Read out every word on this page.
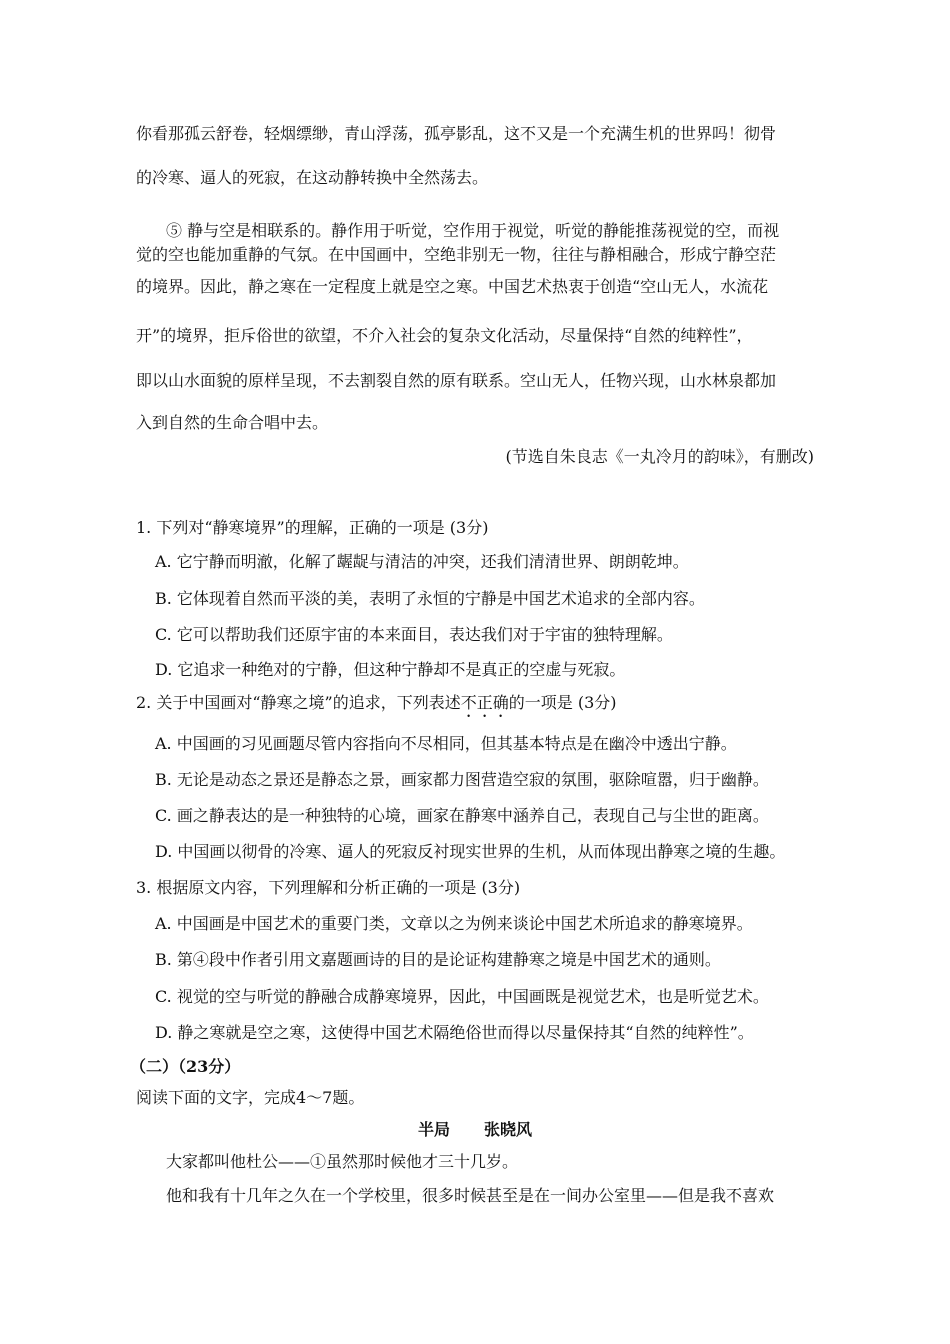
你看那孤云舒卷，轻烟缥缈，青山浮荡，孤亭影乱，这不又是一个充满生机的世界吗！彻骨
的冷寒、逼人的死寂，在这动静转换中全然荡去。
⑤ 静与空是相联系的。静作用于听觉，空作用于视觉，听觉的静能推荡视觉的空，而视
觉的空也能加重静的气氛。在中国画中，空绝非别无一物，往往与静相融合，形成宁静空茫
的境界。因此，静之寒在一定程度上就是空之寒。中国艺术热衷于创造“空山无人，水流花
开”的境界，拒斥俗世的欲望，不介入社会的复杂文化活动，尽量保持“自然的纯粹性”，
即以山水面貌的原样呈现，不去割裂自然的原有联系。空山无人，任物兴现，山水林泉都加
入到自然的生命合唱中去。
(节选自朱良志《一丸冷月的韵味》，有删改)
1. 下列对“静寒境界”的理解，正确的一项是 (3分)
A. 它宁静而明澈，化解了龌龊与清洁的冲突，还我们清清世界、朗朗乾坤。
B. 它体现着自然而平淡的美，表明了永恒的宁静是中国艺术追求的全部内容。
C. 它可以帮助我们还原宇宙的本来面目，表达我们对于宇宙的独特理解。
D. 它追求一种绝对的宁静，但这种宁静却不是真正的空虚与死寂。
2. 关于中国画对“静寒之境”的追求，下列表述不正确的一项是 (3分)
A. 中国画的习见画题尽管内容指向不尽相同，但其基本特点是在幽冷中透出宁静。
B. 无论是动态之景还是静态之景，画家都力图营造空寂的氛围，驱除喧嚣，归于幽静。
C. 画之静表达的是一种独特的心境，画家在静寒中涵养自己，表现自己与尘世的距离。
D. 中国画以彻骨的冷寒、逼人的死寂反衬现实世界的生机，从而体现出静寒之境的生趣。
3. 根据原文内容，下列理解和分析正确的一项是 (3分)
A. 中国画是中国艺术的重要门类，文章以之为例来谈论中国艺术所追求的静寒境界。
B. 第④段中作者引用文嘉题画诗的目的是论证构建静寒之境是中国艺术的通则。
C. 视觉的空与听觉的静融合成静寒境界，因此，中国画既是视觉艺术，也是听觉艺术。
D. 静之寒就是空之寒，这使得中国艺术隔绝俗世而得以尽量保持其“自然的纯粹性”。
（二）（23分）
阅读下面的文字，完成4～7题。
半局 张晓风
大家都叫他杜公——①虽然那时候他才三十几岁。
他和我有十几年之久在一个学校里，很多时候甚至是在一间办公室里——但是我不喜欢
